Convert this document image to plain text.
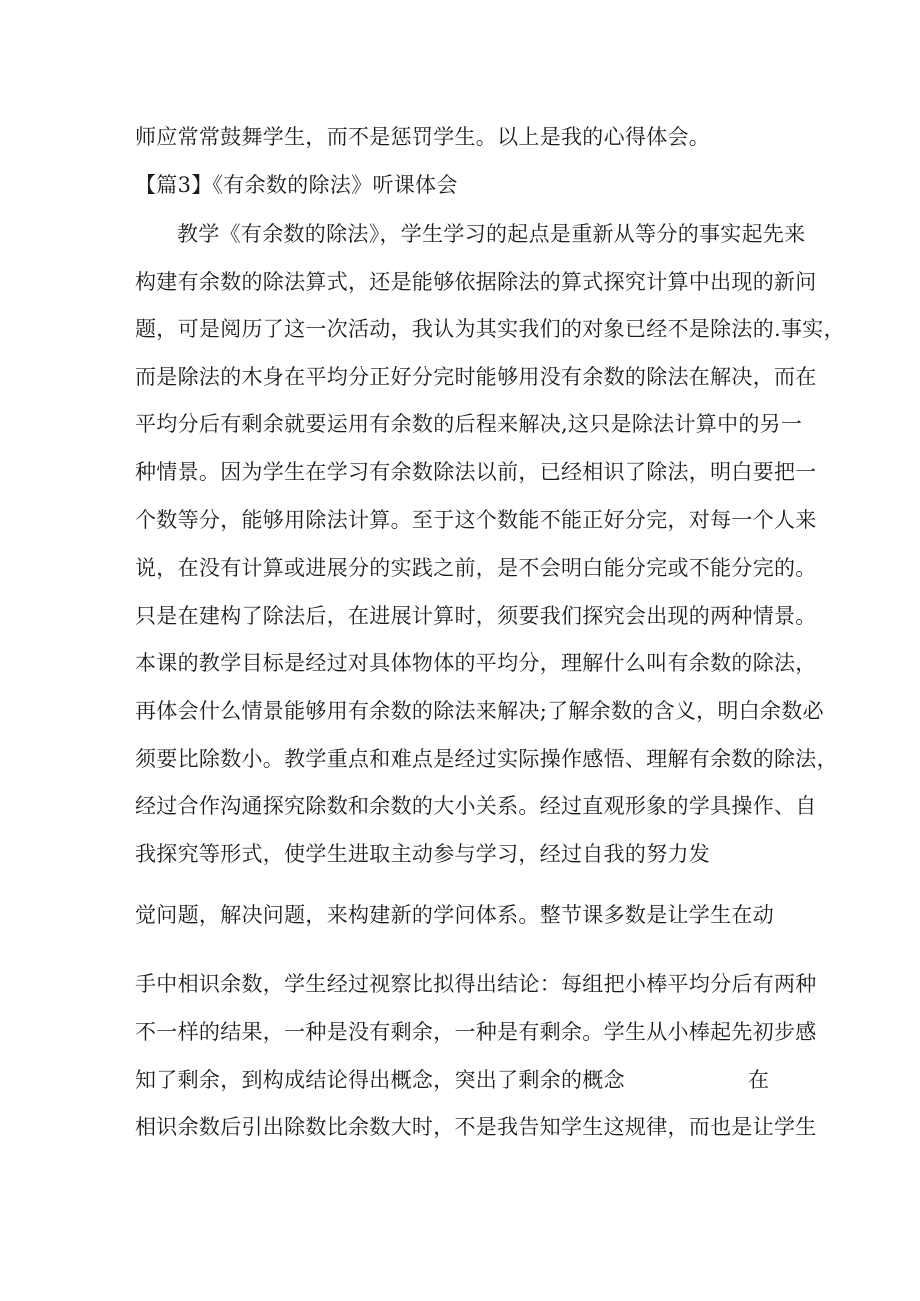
师应常常鼓舞学生，而不是惩罚学生。以上是我的心得体会。
【篇3】《有余数的除法》听课体会
教学《有余数的除法》，学生学习的起点是重新从等分的事实起先来
构建有余数的除法算式，还是能够依据除法的算式探究计算中出现的新问
题，可是阅历了这一次活动，我认为其实我们的对象已经不是除法的.事实，
而是除法的木身在平均分正好分完时能够用没有余数的除法在解决，而在
平均分后有剩余就要运用有余数的后程来解决,这只是除法计算中的另一
种情景。因为学生在学习有余数除法以前，已经相识了除法，明白要把一
个数等分，能够用除法计算。至于这个数能不能正好分完，对每一个人来
说，在没有计算或进展分的实践之前，是不会明白能分完或不能分完的。
只是在建构了除法后，在进展计算时，须要我们探究会出现的两种情景。
本课的教学目标是经过对具体物体的平均分，理解什么叫有余数的除法，
再体会什么情景能够用有余数的除法来解决;了解余数的含义，明白余数必
须要比除数小。教学重点和难点是经过实际操作感悟、理解有余数的除法，
经过合作沟通探究除数和余数的大小关系。经过直观形象的学具操作、自
我探究等形式，使学生进取主动参与学习，经过自我的努力发
觉问题，解决问题，来构建新的学问体系。整节课多数是让学生在动
手中相识余数，学生经过视察比拟得出结论：每组把小棒平均分后有两种
不一样的结果，一种是没有剩余，一种是有剩余。学生从小棒起先初步感
知了剩余，到构成结论得出概念，突出了剩余的概念	在
相识余数后引出除数比余数大时，不是我告知学生这规律，而也是让学生
